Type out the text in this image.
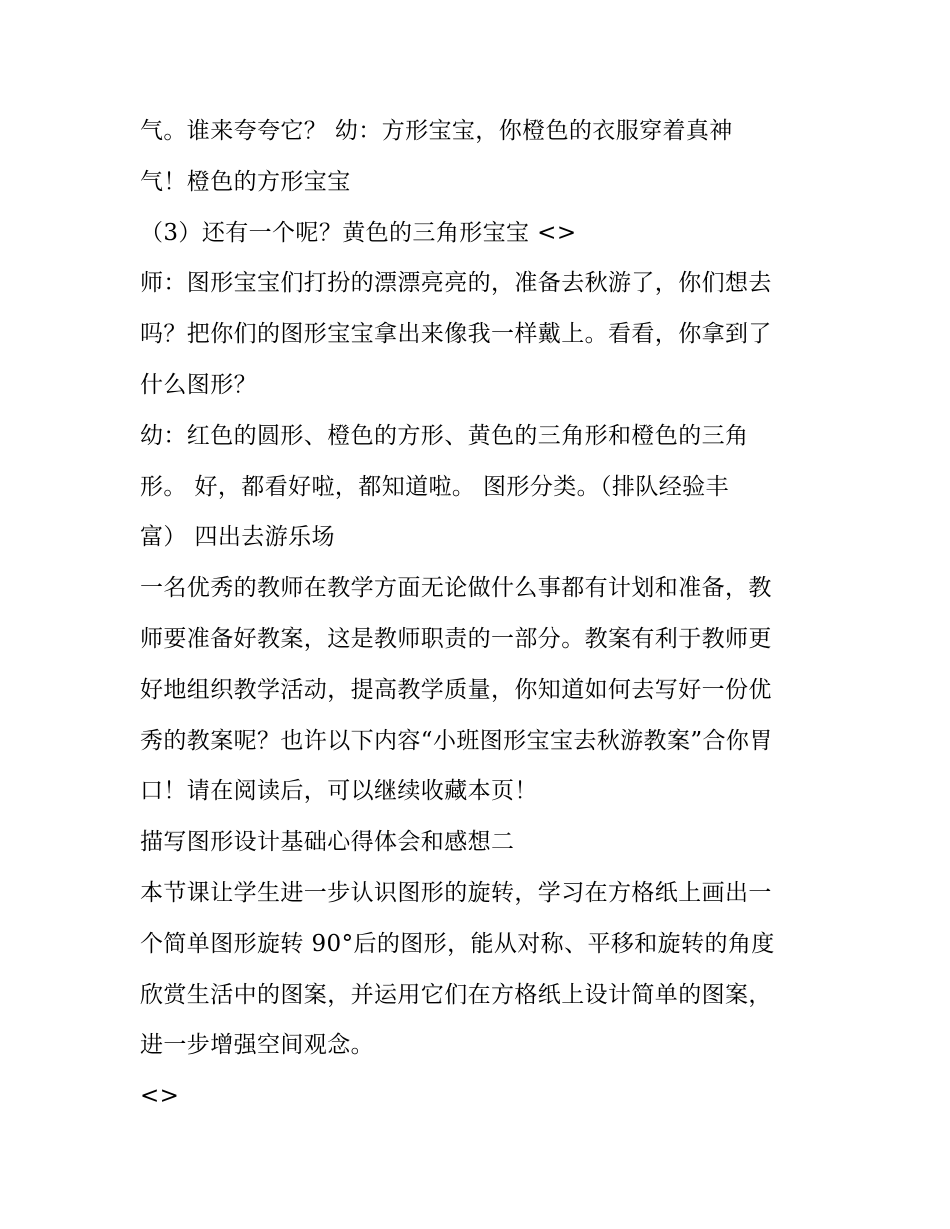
气。谁来夸夸它？ 幼：方形宝宝，你橙色的衣服穿着真神
气！橙色的方形宝宝
（3）还有一个呢？黄色的三角形宝宝 <>
师：图形宝宝们打扮的漂漂亮亮的，准备去秋游了，你们想去
吗？把你们的图形宝宝拿出来像我一样戴上。看看，你拿到了
什么图形？
幼：红色的圆形、橙色的方形、黄色的三角形和橙色的三角
形。 好，都看好啦，都知道啦。 图形分类。（排队经验丰
富） 四出去游乐场
一名优秀的教师在教学方面无论做什么事都有计划和准备，教
师要准备好教案，这是教师职责的一部分。教案有利于教师更
好地组织教学活动，提高教学质量，你知道如何去写好一份优
秀的教案呢？也许以下内容“小班图形宝宝去秋游教案”合你胃
口！请在阅读后，可以继续收藏本页！
描写图形设计基础心得体会和感想二
本节课让学生进一步认识图形的旋转，学习在方格纸上画出一
个简单图形旋转 90°后的图形，能从对称、平移和旋转的角度
欣赏生活中的图案，并运用它们在方格纸上设计简单的图案，
进一步增强空间观念。
<>
